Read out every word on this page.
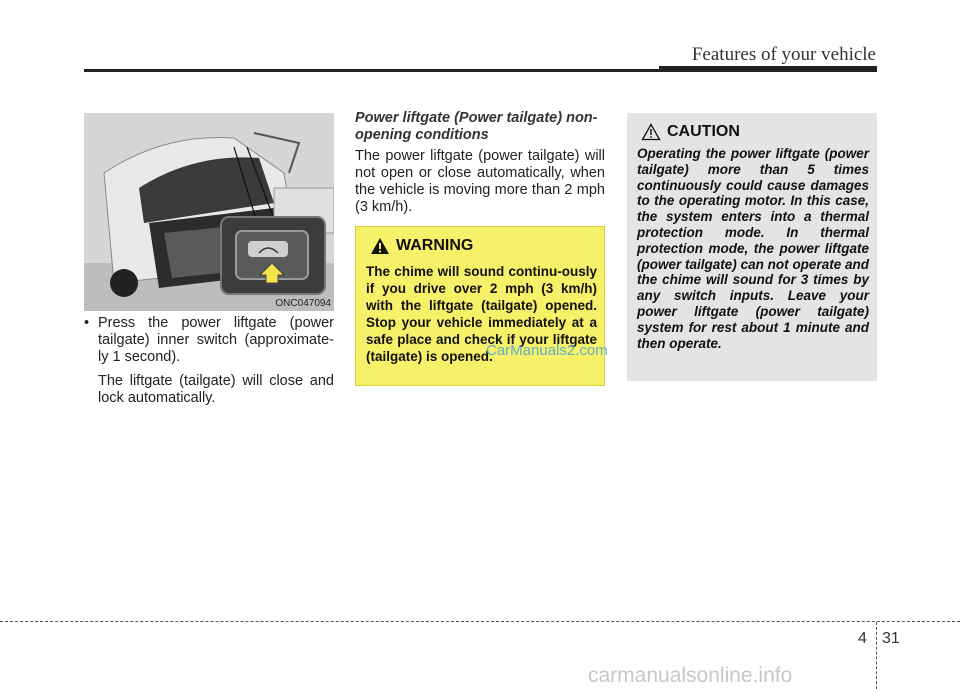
Features of your vehicle
ONC047094

• Press the power liftgate (power tailgate) inner switch (approximate-ly 1 second).

The liftgate (tailgate) will close and lock automatically.

Power liftgate (Power tailgate) non-opening conditions

The power liftgate (power tailgate) will not open or close automatically, when the vehicle is moving more than 2 mph (3 km/h).

WARNING

The chime will sound continu-ously if you drive over 2 mph (3 km/h) with the liftgate (tailgate) opened. Stop your vehicle immediately at a safe place and check if your liftgate (tailgate) is opened.

CarManuals2.com
CAUTION

Operating the power liftgate (power tailgate) more than 5 times continuously could cause damages to the operating motor. In this case, the system enters into a thermal protection mode. In thermal protection mode, the power liftgate (power tailgate) can not operate and the chime will sound for 3 times by any switch inputs. Leave your power liftgate (power tailgate) system for rest about 1 minute and then operate.

4 31
carmanualsonline.info
